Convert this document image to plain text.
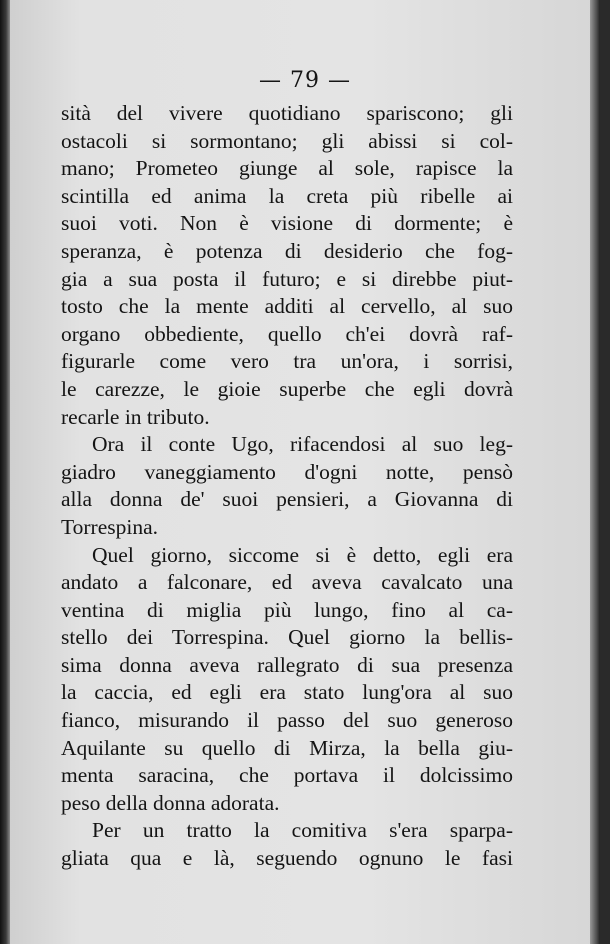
— 79 —
sità del vivere quotidiano spariscono; gli
ostacoli si sormontano; gli abissi si col-
mano; Prometeo giunge al sole, rapisce la
scintilla ed anima la creta più ribelle ai
suoi voti. Non è visione di dormente; è
speranza, è potenza di desiderio che fog-
gia a sua posta il futuro; e si direbbe piut-
tosto che la mente additi al cervello, al suo
organo obbediente, quello ch'ei dovrà raf-
figurarle come vero tra un'ora, i sorrisi,
le carezze, le gioie superbe che egli dovrà
recarle in tributo.
Ora il conte Ugo, rifacendosi al suo leg-
giadro vaneggiamento d'ogni notte, pensò
alla donna de' suoi pensieri, a Giovanna di
Torrespina.
Quel giorno, siccome si è detto, egli era
andato a falconare, ed aveva cavalcato una
ventina di miglia più lungo, fino al ca-
stello dei Torrespina. Quel giorno la bellis-
sima donna aveva rallegrato di sua presenza
la caccia, ed egli era stato lung'ora al suo
fianco, misurando il passo del suo generoso
Aquilante su quello di Mirza, la bella giu-
menta saracina, che portava il dolcissimo
peso della donna adorata.
Per un tratto la comitiva s'era sparpa-
gliata qua e là, seguendo ognuno le fasi
